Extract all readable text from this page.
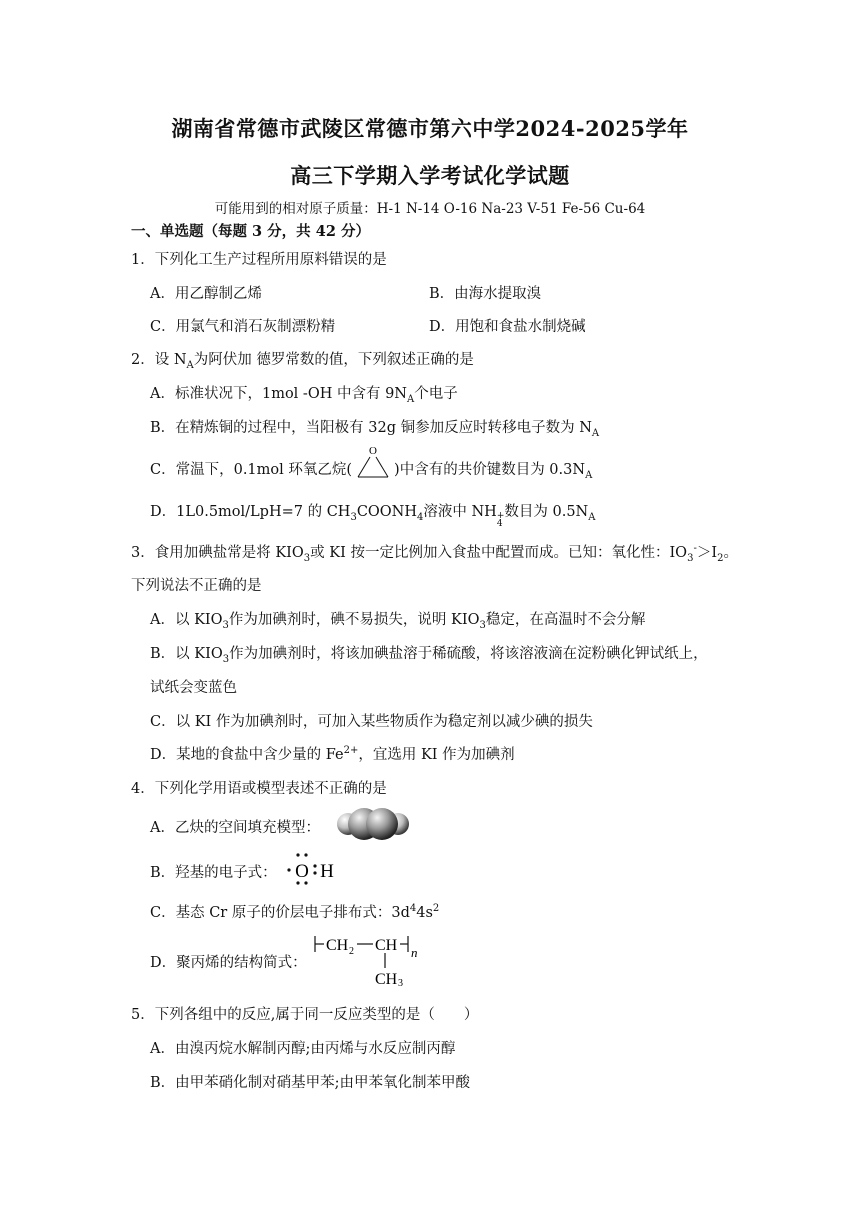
湖南省常德市武陵区常德市第六中学2024-2025学年
高三下学期入学考试化学试题
可能用到的相对原子质量：H-1 N-14 O-16 Na-23 V-51 Fe-56 Cu-64
一、单选题（每题 3 分，共 42 分）
1．下列化工生产过程所用原料错误的是
A．用乙醇制乙烯	B．由海水提取溴
C．用氯气和消石灰制漂粉精	D．用饱和食盐水制烧碱
2．设 $N_A$为阿伏加 德罗常数的值，下列叙述正确的是
A．标准状况下，1mol -OH 中含有 $9N_A$个电子
B．在精炼铜的过程中，当阳极有 32g 铜参加反应时转移电子数为 $N_A$
C．常温下，0.1mol 环氧乙烷(
O
)中含有的共价键数目为 $0.3N_A$
D．1L0.5mol/LpH=7 的 $CH_3COONH_4$溶液中 NH +
4
数目为 $0.5N_A$
3．食用加碘盐常是将 $KIO_3$或 KI 按一定比例加入食盐中配置而成。已知：氧化性：$IO_3^->I_2$。
下列说法不正确的是
A．以 $KIO_3$作为加碘剂时，碘不易损失，说明 $KIO_3$稳定，在高温时不会分解
B．以 $KIO_3$作为加碘剂时，将该加碘盐溶于稀硫酸，将该溶液滴在淀粉碘化钾试纸上，
试纸会变蓝色
C．以 KI 作为加碘剂时，可加入某些物质作为稳定剂以减少碘的损失
D．某地的食盐中含少量的 $Fe^{2+}$，宜选用 KI 作为加碘剂
4．下列化学用语或模型表述不正确的是
A．乙炔的空间填充模型：
B．羟基的电子式： O H
C．基态 Cr 原子的价层电子排布式：$3d^44s^2$
D．聚丙烯的结构简式：
CH 2 CH n
CH 3
5．下列各组中的反应,属于同一反应类型的是（　　）
A．由溴丙烷水解制丙醇;由丙烯与水反应制丙醇
B．由甲苯硝化制对硝基甲苯;由甲苯氧化制苯甲酸
